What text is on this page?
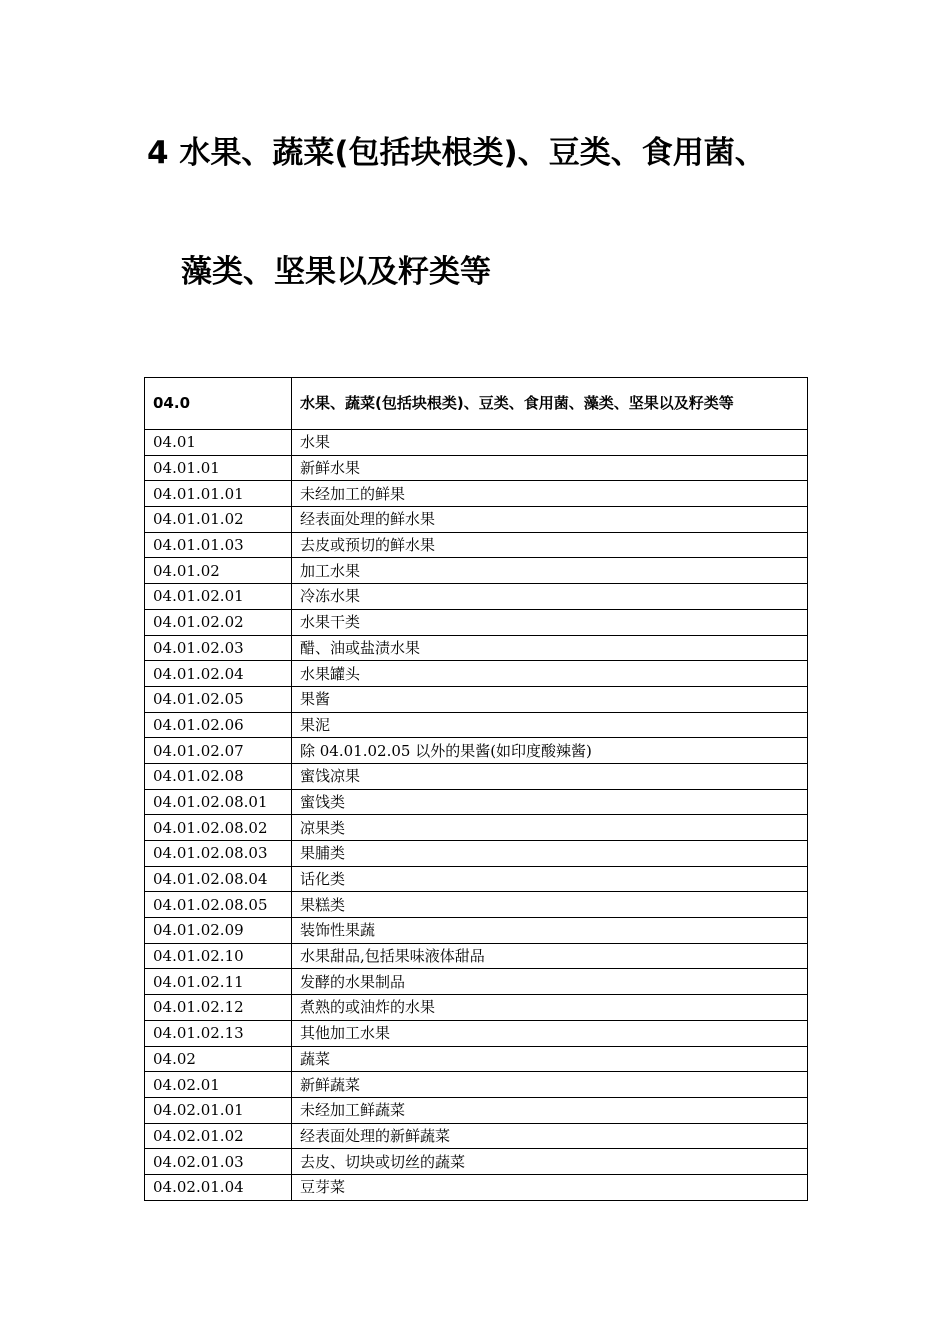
4 水果、蔬菜(包括块根类)、豆类、食用菌、
藻类、坚果以及籽类等
04.0	水果、蔬菜(包括块根类)、豆类、食用菌、藻类、坚果以及籽类等
04.01	水果
04.01.01	新鲜水果
04.01.01.01	未经加工的鲜果
04.01.01.02	经表面处理的鲜水果
04.01.01.03	去皮或预切的鲜水果
04.01.02	加工水果
04.01.02.01	冷冻水果
04.01.02.02	水果干类
04.01.02.03	醋、油或盐渍水果
04.01.02.04	水果罐头
04.01.02.05	果酱
04.01.02.06	果泥
04.01.02.07	除 04.01.02.05 以外的果酱(如印度酸辣酱)
04.01.02.08	蜜饯凉果
04.01.02.08.01	蜜饯类
04.01.02.08.02	凉果类
04.01.02.08.03	果脯类
04.01.02.08.04	话化类
04.01.02.08.05	果糕类
04.01.02.09	装饰性果蔬
04.01.02.10	水果甜品,包括果味液体甜品
04.01.02.11	发酵的水果制品
04.01.02.12	煮熟的或油炸的水果
04.01.02.13	其他加工水果
04.02	蔬菜
04.02.01	新鲜蔬菜
04.02.01.01	未经加工鲜蔬菜
04.02.01.02	经表面处理的新鲜蔬菜
04.02.01.03	去皮、切块或切丝的蔬菜
04.02.01.04	豆芽菜
